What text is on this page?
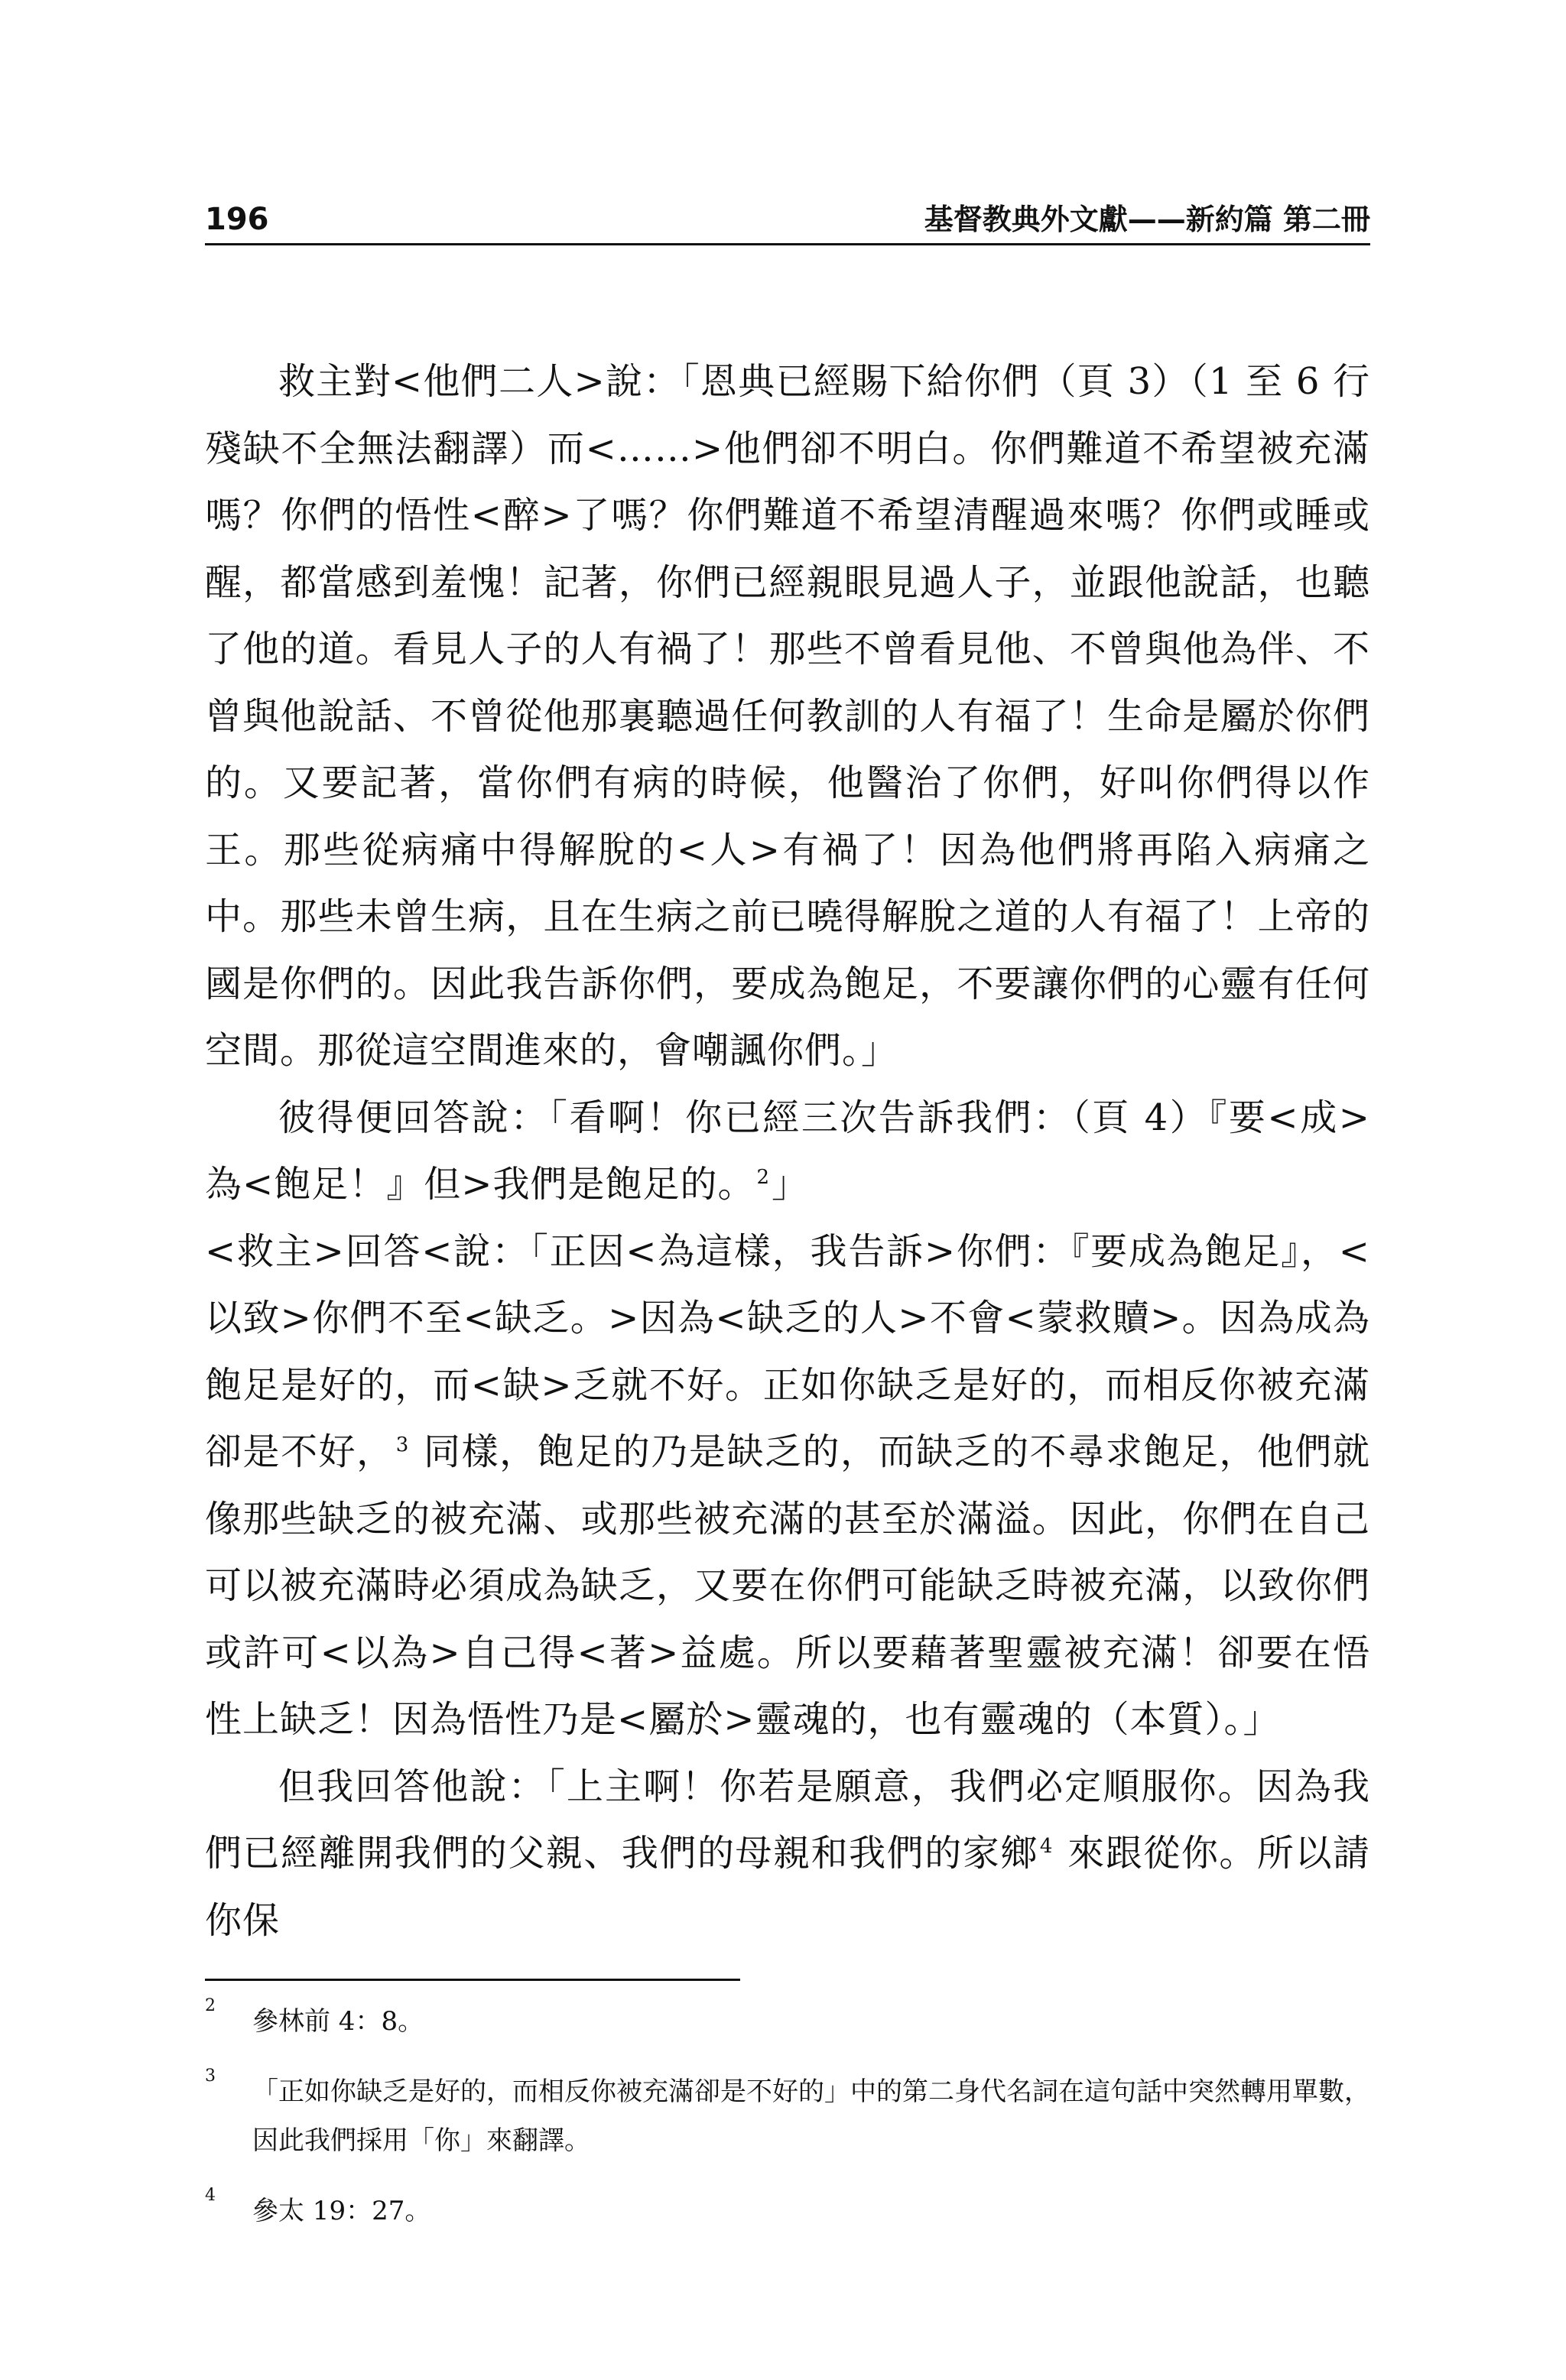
196	基督教典外文獻——新約篇 第二冊

救主對<他們二人>說：「恩典已經賜下給你們（頁 3）（1 至 6 行殘缺不全無法翻譯）而<……>他們卻不明白。你們難道不希望被充滿嗎？你們的悟性<醉>了嗎？你們難道不希望清醒過來嗎？你們或睡或醒，都當感到羞愧！記著，你們已經親眼見過人子，並跟他說話，也聽了他的道。看見人子的人有禍了！那些不曾看見他、不曾與他為伴、不曾與他說話、不曾從他那裏聽過任何教訓的人有福了！生命是屬於你們的。又要記著，當你們有病的時候，他醫治了你們，好叫你們得以作王。那些從病痛中得解脫的<人>有禍了！因為他們將再陷入病痛之中。那些未曾生病，且在生病之前已曉得解脫之道的人有福了！上帝的國是你們的。因此我告訴你們，要成為飽足，不要讓你們的心靈有任何空間。那從這空間進來的，會嘲諷你們。」

彼得便回答說：「看啊！你已經三次告訴我們：（頁 4）『要<成>為<飽足！』但>我們是飽足的。$^2$」

<救主>回答<說：「正因<為這樣，我告訴>你們：『要成為飽足』，<以致>你們不至<缺乏。>因為<缺乏的人>不會<蒙救贖>。因為成為飽足是好的，而<缺>乏就不好。正如你缺乏是好的，而相反你被充滿卻是不好，$^3$ 同樣，飽足的乃是缺乏的，而缺乏的不尋求飽足，他們就像那些缺乏的被充滿、或那些被充滿的甚至於滿溢。因此，你們在自己可以被充滿時必須成為缺乏，又要在你們可能缺乏時被充滿，以致你們或許可<以為>自己得<著>益處。所以要藉著聖靈被充滿！卻要在悟性上缺乏！因為悟性乃是<屬於>靈魂的，也有靈魂的（本質）。」

但我回答他說：「上主啊！你若是願意，我們必定順服你。因為我們已經離開我們的父親、我們的母親和我們的家鄉$^4$ 來跟從你。所以請你保

2
參林前 4：8。
3
「正如你缺乏是好的，而相反你被充滿卻是不好的」中的第二身代名詞在這句話中突然轉用單數，因此我們採用「你」來翻譯。
4
參太 19：27。
